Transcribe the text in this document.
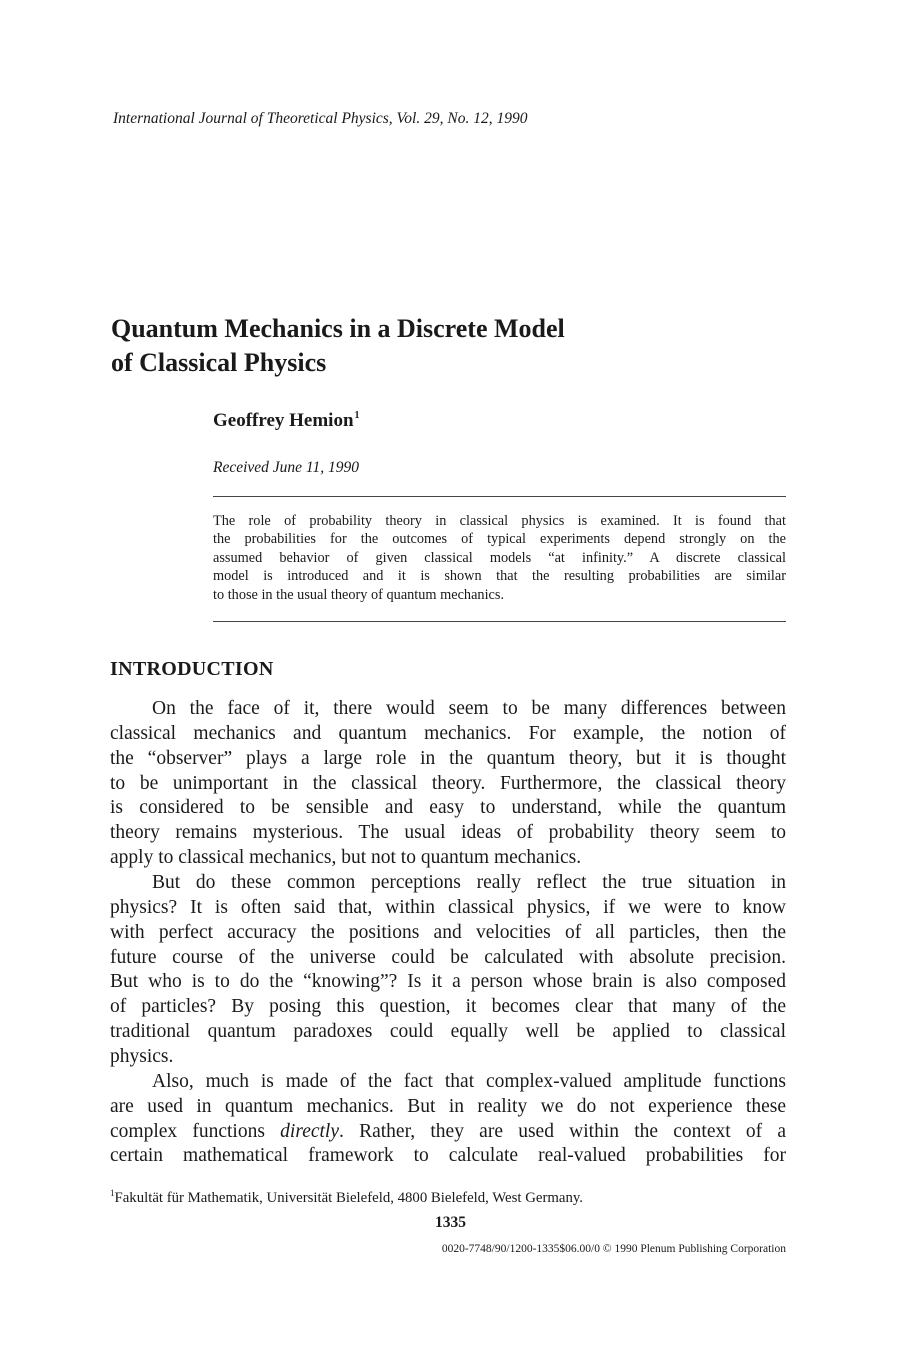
International Journal of Theoretical Physics, Vol. 29, No. 12, 1990
Quantum Mechanics in a Discrete Model
of Classical Physics
Geoffrey Hemion$^1$
Received June 11, 1990
The role of probability theory in classical physics is examined. It is found that
the probabilities for the outcomes of typical experiments depend strongly on the
assumed behavior of given classical models “at infinity.” A discrete classical
model is introduced and it is shown that the resulting probabilities are similar
to those in the usual theory of quantum mechanics.
INTRODUCTION
On the face of it, there would seem to be many differences between
classical mechanics and quantum mechanics. For example, the notion of
the “observer” plays a large role in the quantum theory, but it is thought
to be unimportant in the classical theory. Furthermore, the classical theory
is considered to be sensible and easy to understand, while the quantum
theory remains mysterious. The usual ideas of probability theory seem to
apply to classical mechanics, but not to quantum mechanics.
But do these common perceptions really reflect the true situation in
physics? It is often said that, within classical physics, if we were to know
with perfect accuracy the positions and velocities of all particles, then the
future course of the universe could be calculated with absolute precision.
But who is to do the “knowing”? Is it a person whose brain is also composed
of particles? By posing this question, it becomes clear that many of the
traditional quantum paradoxes could equally well be applied to classical
physics.
Also, much is made of the fact that complex-valued amplitude functions
are used in quantum mechanics. But in reality we do not experience these
complex functions directly. Rather, they are used within the context of a
certain mathematical framework to calculate real-valued probabilities for
$^1$Fakultät für Mathematik, Universität Bielefeld, 4800 Bielefeld, West Germany.
1335
0020-7748/90/1200-1335$06.00/0 © 1990 Plenum Publishing Corporation
